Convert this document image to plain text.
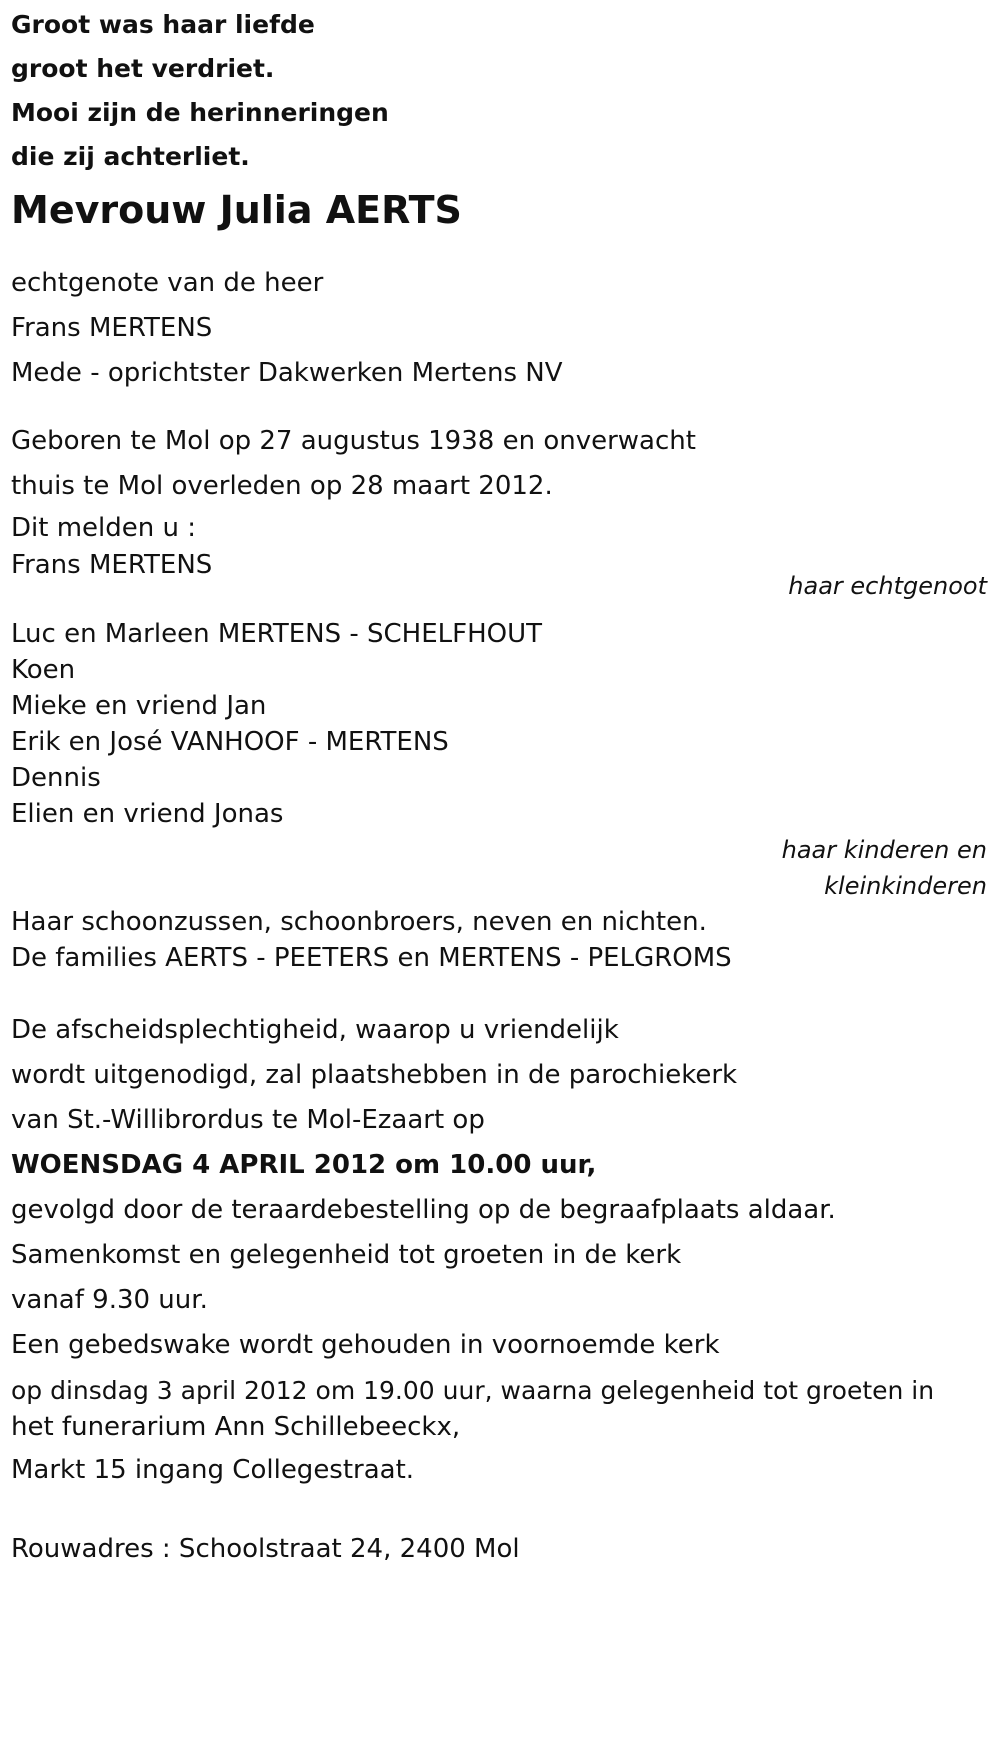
Groot was haar liefde
groot het verdriet.
Mooi zijn de herinneringen
die zij achterliet.
Mevrouw Julia AERTS
echtgenote van de heer
Frans MERTENS
Mede - oprichtster Dakwerken Mertens NV
Geboren te Mol op 27 augustus 1938 en onverwacht
thuis te Mol overleden op 28 maart 2012.
Dit melden u :
Frans MERTENS
haar echtgenoot
Luc en Marleen MERTENS - SCHELFHOUT
Koen
Mieke en vriend Jan
Erik en José VANHOOF - MERTENS
Dennis
Elien en vriend Jonas
haar kinderen en
kleinkinderen
Haar schoonzussen, schoonbroers, neven en nichten.
De families AERTS - PEETERS en MERTENS - PELGROMS
De afscheidsplechtigheid, waarop u vriendelijk
wordt uitgenodigd, zal plaatshebben in de parochiekerk
van St.-Willibrordus te Mol-Ezaart op
WOENSDAG 4 APRIL 2012 om 10.00 uur,
gevolgd door de teraardebestelling op de begraafplaats aldaar.
Samenkomst en gelegenheid tot groeten in de kerk
vanaf 9.30 uur.
Een gebedswake wordt gehouden in voornoemde kerk
op dinsdag 3 april 2012 om 19.00 uur, waarna gelegenheid tot groeten in
het funerarium Ann Schillebeeckx,
Markt 15 ingang Collegestraat.
Rouwadres : Schoolstraat 24, 2400 Mol
